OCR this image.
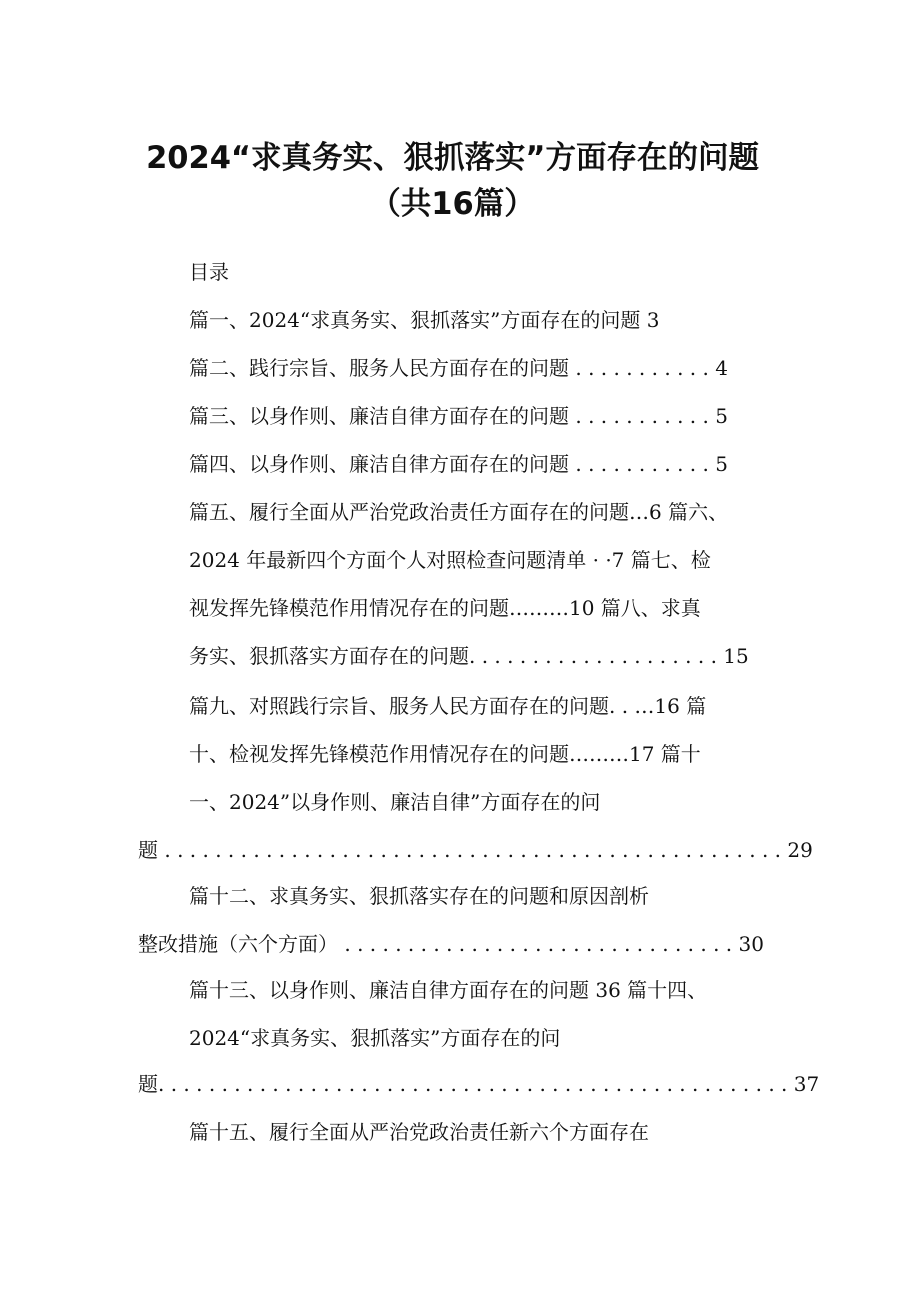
2024“求真务实、狠抓落实”方面存在的问题
（共16篇）
目录
篇一、2024“求真务实、狠抓落实”方面存在的问题 3
篇二、践行宗旨、服务人民方面存在的问题 . . . . . . . . . . . 4
篇三、以身作则、廉洁自律方面存在的问题 . . . . . . . . . . . 5
篇四、以身作则、廉洁自律方面存在的问题 . . . . . . . . . . . 5
篇五、履行全面从严治党政治责任方面存在的问题…6 篇六、
2024 年最新四个方面个人对照检查问题清单 · ·7 篇七、检
视发挥先锋模范作用情况存在的问题………10 篇八、求真
务实、狠抓落实方面存在的问题. . . . . . . . . . . . . . . . . . . . 15
篇九、对照践行宗旨、服务人民方面存在的问题. . …16 篇
十、检视发挥先锋模范作用情况存在的问题………17 篇十
一、2024”以身作则、廉洁自律”方面存在的问
题 . . . . . . . . . . . . . . . . . . . . . . . . . . . . . . . . . . . . . . . . . . . . . . . . . 29
篇十二、求真务实、狠抓落实存在的问题和原因剖析
整改措施（六个方面） . . . . . . . . . . . . . . . . . . . . . . . . . . . . . . . 30
篇十三、以身作则、廉洁自律方面存在的问题 36 篇十四、
2024“求真务实、狠抓落实”方面存在的问
题. . . . . . . . . . . . . . . . . . . . . . . . . . . . . . . . . . . . . . . . . . . . . . . . . . 37
篇十五、履行全面从严治党政治责任新六个方面存在
